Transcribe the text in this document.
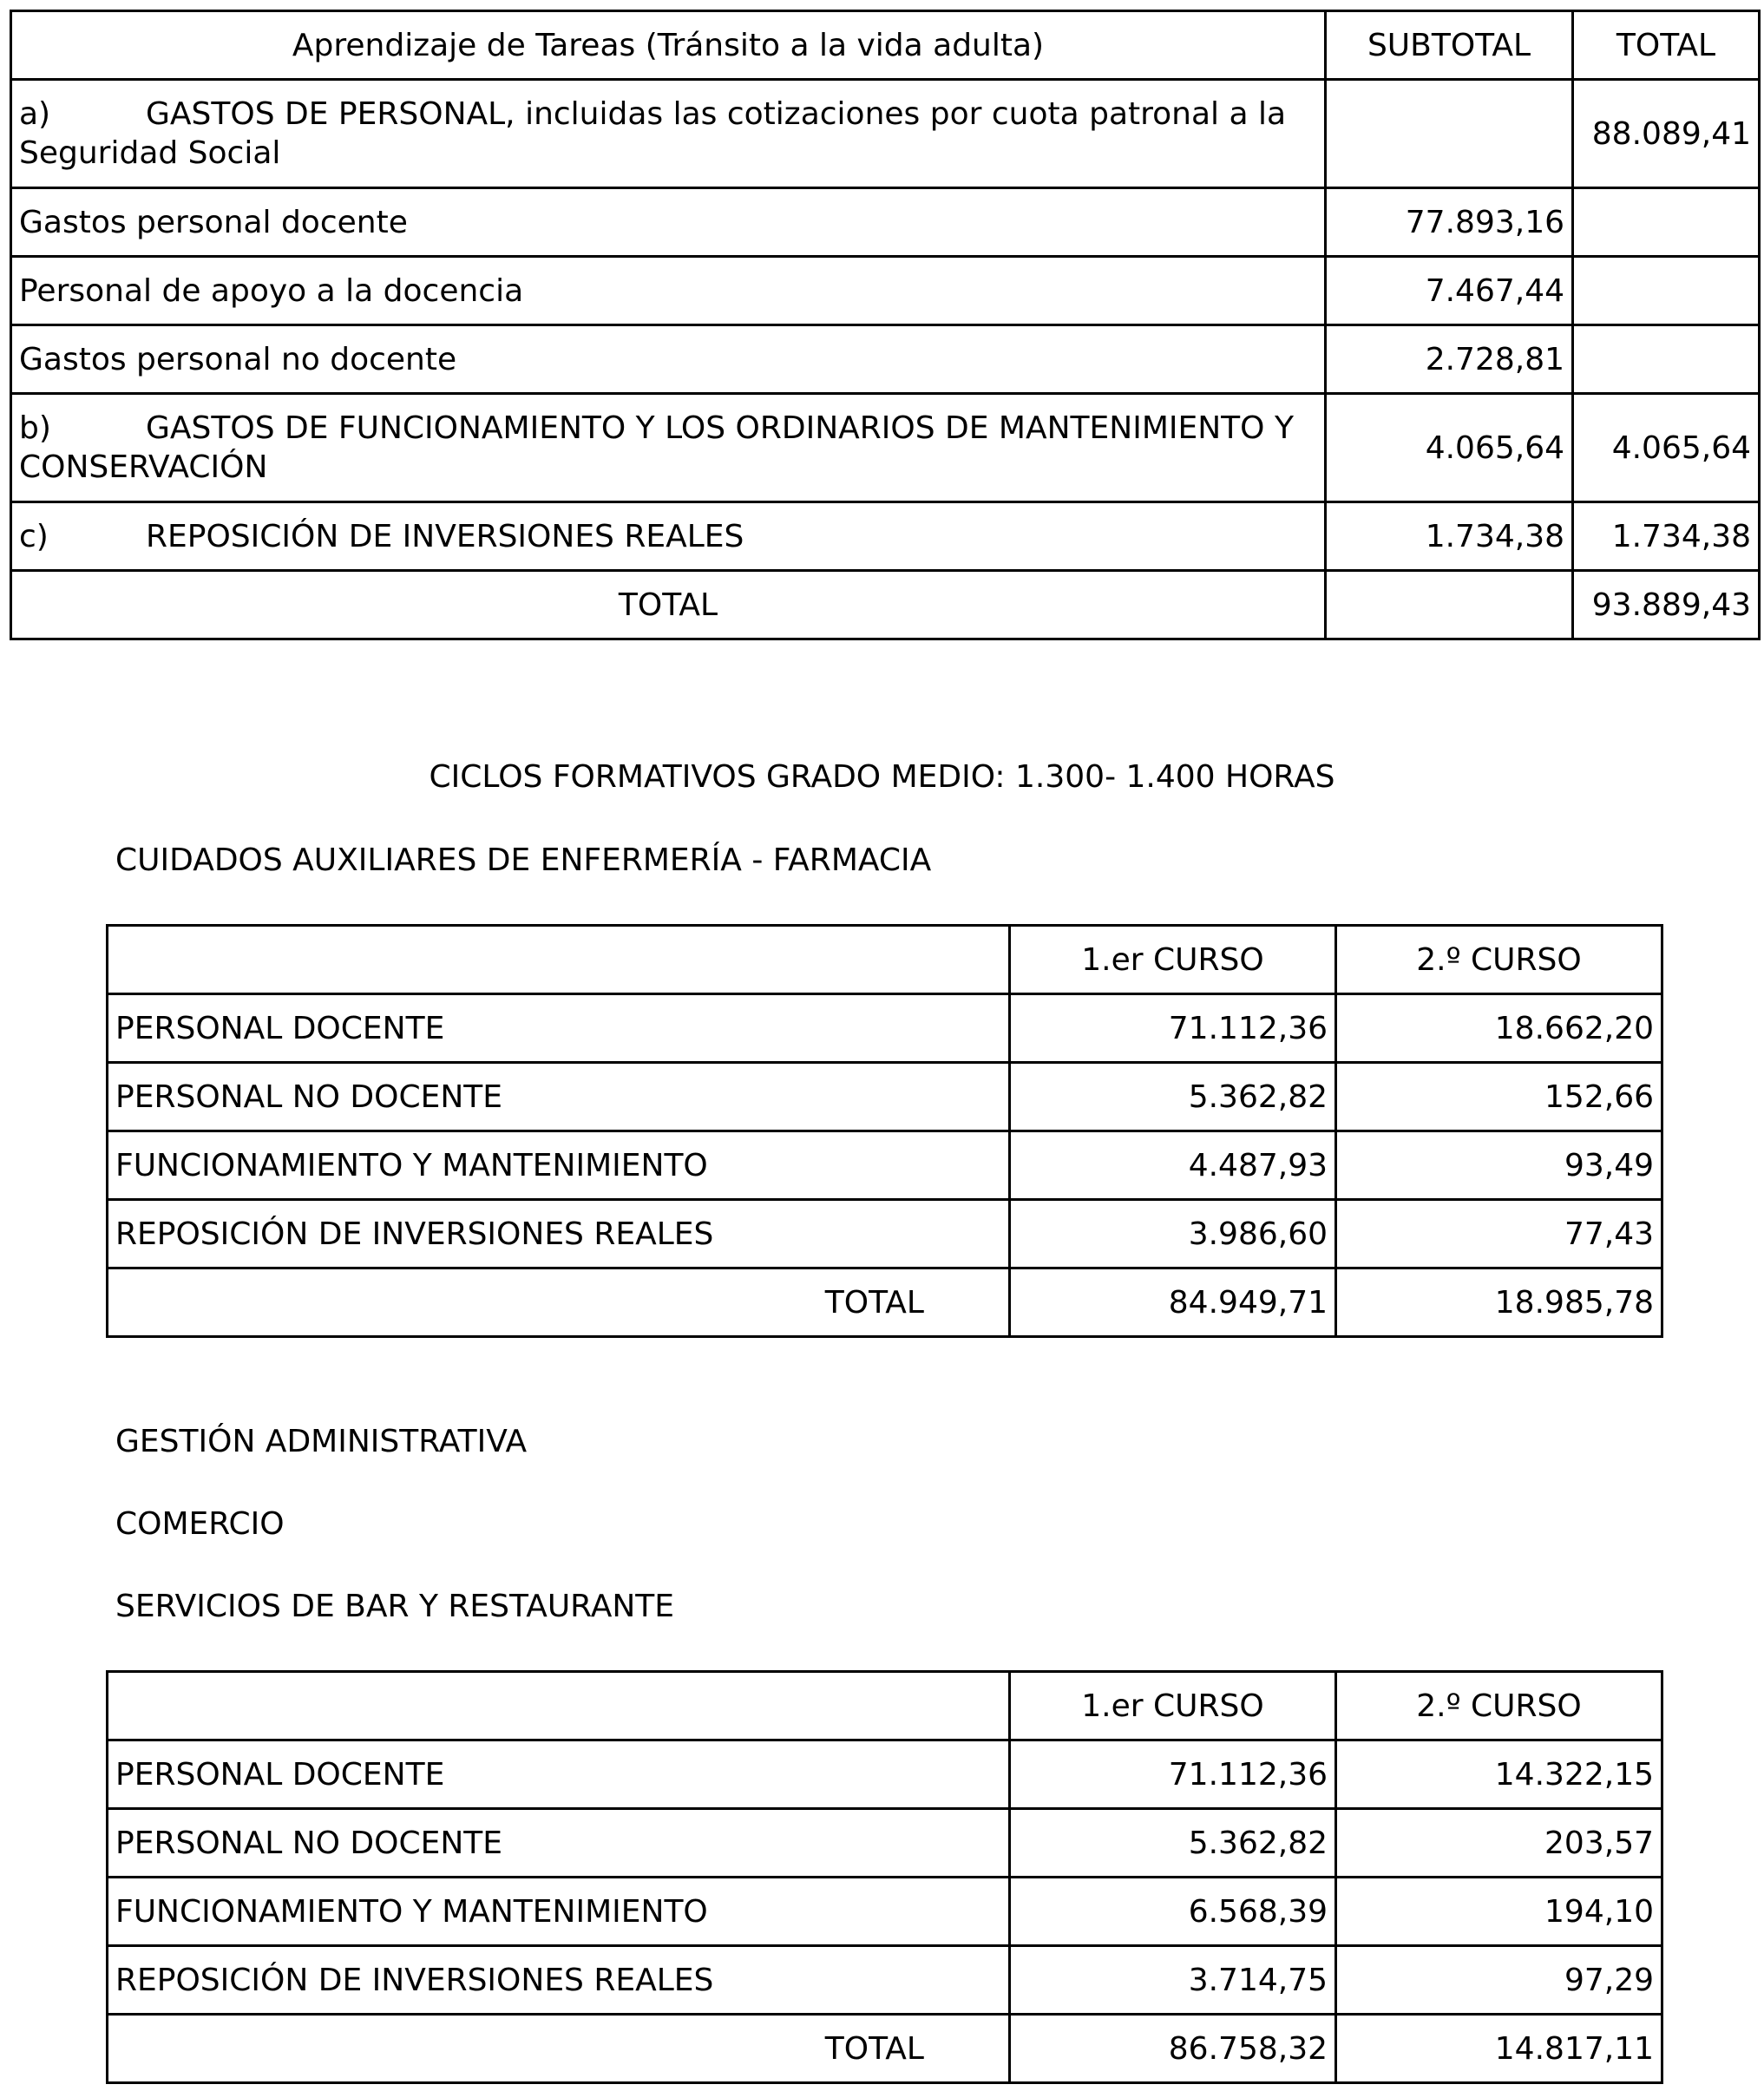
Aprendizaje de Tareas (Tránsito a la vida adulta)	SUBTOTAL	TOTAL
a) GASTOS DE PERSONAL, incluidas las cotizaciones por cuota patronal a la Seguridad Social		88.089,41
Gastos personal docente	77.893,16	
Personal de apoyo a la docencia	7.467,44	
Gastos personal no docente	2.728,81	
b) GASTOS DE FUNCIONAMIENTO Y LOS ORDINARIOS DE MANTENIMIENTO Y CONSERVACIÓN	4.065,64	4.065,64
c) REPOSICIÓN DE INVERSIONES REALES	1.734,38	1.734,38
TOTAL		93.889,43
CICLOS FORMATIVOS GRADO MEDIO: 1.300- 1.400 HORAS
CUIDADOS AUXILIARES DE ENFERMERÍA - FARMACIA
	1.er CURSO	2.º CURSO
PERSONAL DOCENTE	71.112,36	18.662,20
PERSONAL NO DOCENTE	5.362,82	152,66
FUNCIONAMIENTO Y MANTENIMIENTO	4.487,93	93,49
REPOSICIÓN DE INVERSIONES REALES	3.986,60	77,43
TOTAL	84.949,71	18.985,78
GESTIÓN ADMINISTRATIVA
COMERCIO
SERVICIOS DE BAR Y RESTAURANTE
	1.er CURSO	2.º CURSO
PERSONAL DOCENTE	71.112,36	14.322,15
PERSONAL NO DOCENTE	5.362,82	203,57
FUNCIONAMIENTO Y MANTENIMIENTO	6.568,39	194,10
REPOSICIÓN DE INVERSIONES REALES	3.714,75	97,29
TOTAL	86.758,32	14.817,11
